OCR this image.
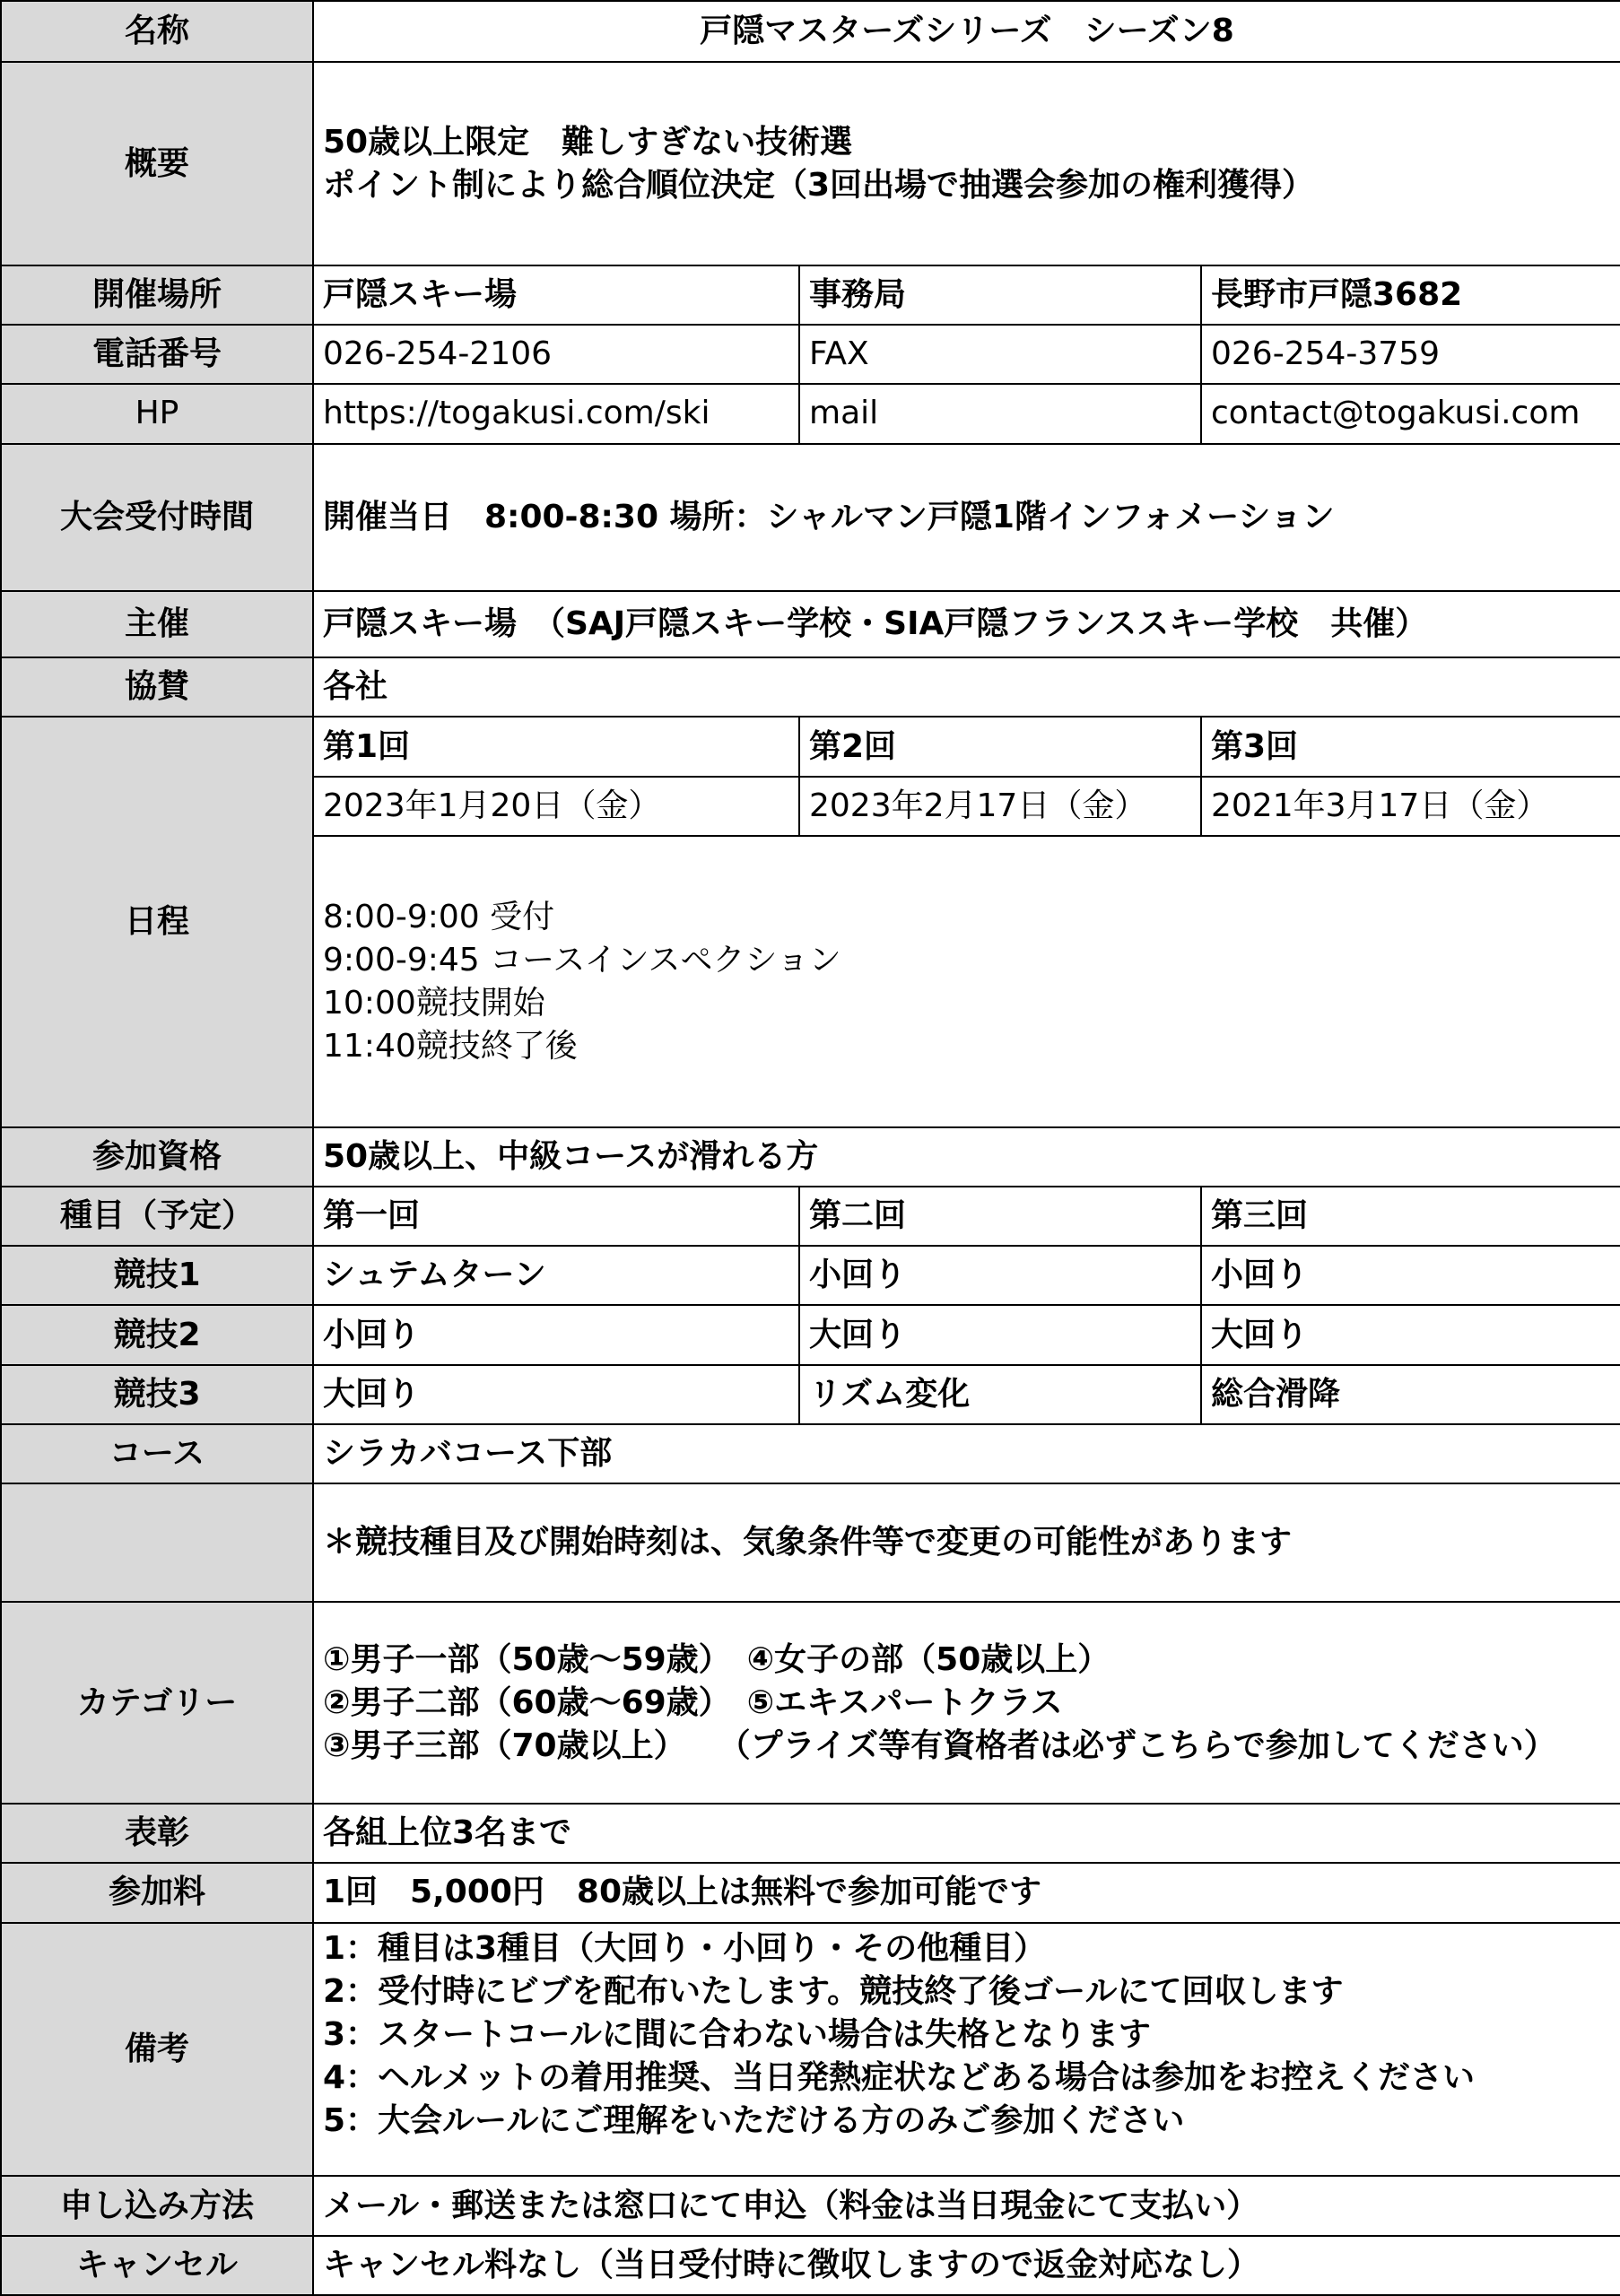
名称	戸隠マスターズシリーズ　シーズン8		
概要	50歳以上限定　難しすぎない技術選
ポイント制により総合順位決定（3回出場で抽選会参加の権利獲得）		

開催場所	戸隠スキー場	事務局	長野市戸隠3682
電話番号	026-254-2106	FAX	026-254-3759
HP	https://togakusi.com/ski	mail	contact@togakusi.com
大会受付時間	開催当日　8:00-8:30 場所：シャルマン戸隠1階インフォメーション		
主催	戸隠スキー場　（SAJ戸隠スキー学校・SIA戸隠フランススキー学校　共催）		
協賛	各社		
日程	第1回	第2回	第3回
	2023年1月20日（金）	2023年2月17日（金）	2021年3月17日（金）

	8:00-9:00 受付
9:00-9:45 コースインスペクション
10:00競技開始
11:40競技終了後		

参加資格	50歳以上、中級コースが滑れる方		
種目（予定）	第一回	第二回	第三回
競技1	シュテムターン	小回り	小回り
競技2	小回り	大回り	大回り
競技3	大回り	リズム変化	総合滑降
コース	シラカバコース下部		
	＊競技種目及び開始時刻は、気象条件等で変更の可能性があります		
カテゴリー	①男子一部（50歳～59歳）　④女子の部（50歳以上）
②男子二部（60歳～69歳）　⑤エキスパートクラス
③男子三部（70歳以上）　　（プライズ等有資格者は必ずこちらで参加してください）		

表彰	各組上位3名まで		
参加料	1回　5,000円　80歳以上は無料で参加可能です		
備考	1：種目は3種目（大回り・小回り・その他種目）
2：受付時にビブを配布いたします。競技終了後ゴールにて回収します
3：スタートコールに間に合わない場合は失格となります
4：ヘルメットの着用推奨、当日発熱症状などある場合は参加をお控えください
5：大会ルールにご理解をいただける方のみご参加ください		

申し込み方法	メール・郵送または窓口にて申込（料金は当日現金にて支払い）		
キャンセル	キャンセル料なし（当日受付時に徴収しますので返金対応なし）		
